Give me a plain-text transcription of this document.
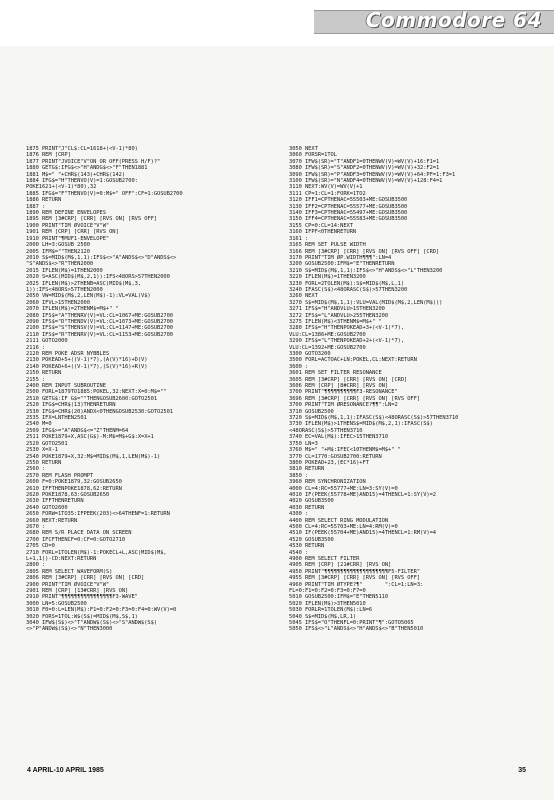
Commodore 64
1875 PRINT"J"CL$:CL=1618+(<V-1)*80)
1876 REM [CRP]
1877 PRINT"JVOICE"V"ON OR OFF(PRESS H/F)?"
1880 GETG$:IFG$<>"H"ANDG$<>"F"THEN1881
1881 M$=" "+CHR$(143)+CHR$(142)
1884 IFG$="H"THENVO(V)=1:GOSUB2700:
POKE1621+(<V-1)*80),32
1885 IFG$="F"THENVO(V)=0:M$=" OFF":CF=1:GOSUB2700
1886 RETURN
1887 :
1890 REM DEFINE ENVELOPES
1895 REM [3#CRP] [CRR] [RVS ON] [RVS OFF]
1900 PRINT"TIM ØVOICE"V"W"
1901 REM [CRP] [CRR] [RVS ON]
1910 PRINT"¶MUF1-ENVELOPE"
2000 LH=3:GOSUB 2500
2005 IFM$=""THEN2120
2010 S$=MID$(M$,1,1):IFS$<>"A"ANDS$<>"D"ANDS$<>
"S"ANDS$<>"R"THEN2000
2015 IFLEN(M$)=1THEN2000
2020 S=ASC(MID$(M$,2,1)):IFS<48ORS>57THEN2000
2025 IFLEN(M$)>2THENB=ASC(MID$(M$,3,
1)):IFS<48ORS>57THEN2000
2050 VW=MID$(M$,2,LEN(M$)-1):VL=VAL(V$)
2060 IFVL>15THEN2000
2070 IFLEN(M$)=2THENM$=M$+" "
2080 IFS$="A"THENRV(V)=VL:CL=1067+ME:GOSUB2700
2090 IFS$="D"THENDV(V)=VL:CL=1073+ME:GOSUB2700
2100 IFS$="S"THENSV(V)=VL:CL=1147+ME:GOSUB2700
2110 IFS$="R"THENRV(V)=VL:CL=1153+ME:GOSUB2700
2111 GOTO2000
2116 :
2120 REM POKE ADSR NYBBLES
2130 POKEAD+5+((V-1)*7),(A(V)*16)+D(V)
2140 POKEAD+6+((V-1)*7),(S(V)*16)+R(V)
2150 RETURN
2155 :
2400 REM INPUT SUBROUTINE
2500 FORL=1879TO1885:POKEL,32:NEXT:X=0:M$=""
2510 GETG$:IF G$=""THENGOSUB2600:GOTO2501
2520 IFG$=CHR$(13)THENRETURN
2530 IFG$=CHR$(20)ANDX<0THENGOSUB2530:GOTO2501
2535 IFX=LNTHEN2501
2540 M=0
2509 IFG$>="A"ANDG$<="Z"THENM=64
2511 POKE1879+X,ASC(G$)-M:M$=M$+G$:X=X+1
2520 GOTO2501
2530 X=X-1
2540 POKE1879+X,32:M$=MID$(M$,1,LEN(M$)-1)
2550 RETURN
2560 :
2570 REM FLASH PROMPT
2600 F=0:POKE1879,32:GOSUB2650
2610 IFFTHENPOKE1878,62:RETURN
2620 POKE1878,63:GOSUB2650
2630 IFFTHENRETURN
2640 GOTO2600
2650 FORW=1TO35:IFPEEK(203)<>64THENF=1:RETURN
2660 NEXT:RETURN
2670 :
2680 REM S/R PLACE DATA ON SCREEN
2700 IFCFTHENCF=0:CF=0:GOTO2710
2705 CD=0
2710 FORL=1TOLEN(M$)-1:POKECL+L,ASC(MID$(M$,
L+1,1))-CD:NEXT:RETURN
2800 :
2805 REM SELECT WAVEFORM(S)
2806 REM [3#CRP] [CRR] [RVS ON] [CRD]
2900 PRINT"TIM ØVOICE"V"W"
2901 REM [CRP] [13#CRR] [RVS ON]
2910 PRINT"¶¶¶¶¶¶¶¶¶¶¶¶¶¶¶¶F3-WAVE"
3000 LN=5:GOSUB2500
3010 F0=0:L=LEN(M$):F1=0:F2=0:F3=0:F4=0:WV(V)=0
3020 FORS=1TOL:W$(S$)=MID$(M$,S$,1)
3040 IFW$(S$)<>"T"ANDW$(S$)<>"S"ANDW$(S$)
<>"P"ANDW$(S$)<>"N"THEN3000
3050 NEXT
3060 FORSR=1TOL
3070 IFW$(SR)="T"ANDF1=0THENWV(V)=WV(V)+16:F1=1
3080 IFW$(SR)="S"ANDF2=0THENWV(V)=WV(V)+32:F2=1
3090 IFW$(SR)="P"ANDF3=0THENWV(V)=WV(V)+64:PF=1:F3=1
3100 IFW$(SR)="N"ANDF4=0THENWV(V)=WV(V)+128:F4=1
3110 NEXT:WV(V)=WV(V)+1
3111 CP=1:CL=1:FORK=1TO2
3120 IFF1=CPTHENAC=55503+ME:GOSUB3500
3130 IFF2=CPTHENAC=55577+ME:GOSUB3500
3140 IFF3=CPTHENAC=55497+ME:GOSUB3500
3150 IFF4=CPTHENAC=55583+ME:GOSUB3500
3155 CP=0:CL=14:NEXT
3160 IFPF<0THENRETURN
3161 :
3165 REM SET PULSE WIDTH
3166 REM [3#CRP] [CRR] [RVS ON] [RVS OFF] [CRD]
3170 PRINT"TIM ØP.WIDTH¶¶¶":LN=4
3200 GOSUB2500:IFM$="E"THENRETURN
3210 S$=MID$(M$,1,1):IFS$<>"H"ANDS$<>"L"THEN3200
3220 IFLEN(M$)=1THEN3200
3230 FORL=2TOLEN(M$):S$=MID$(M$,L,1)
3240 IFASC(S$)<48ORASC(S$)>57THEN3200
3260 NEXT
3270 S$=MID$(M$,1,1):VLU=VAL(MID$(M$,2,LEN(M$)))
3271 IFS$="H"ANDVLU>15THEN3200
3272 IFS$="L"ANDVLU>255THEN3200
3275 IFLEN(M$)<3THENM$=M$+" "
3280 IFS$="H"THENPOKEAD+3+(<V-1)*7),
VLU:CL=1386+ME:GOSUB2700
3290 IFS$="L"THENPOKEAD+2+(<V-1)*7),
VLU:CL=1392+ME:GOSUB2700
3300 GOTO3200
3500 FORL=ACTOAC+LN:POKEL,CL:NEXT:RETURN
3600 :
3601 REM SET FILTER RESONANCE
3605 REM [3#CRP] [CRR] [RVS ON] [CRD]
3606 REM [CRP] [8#CRR] [RVS ON]
3700 PRINT"¶¶¶¶¶¶¶¶¶¶F3-RESONANCE"
3696 REM [3#CRP] [CRR] [RVS ON] [RVS OFF]
3700 PRINT"TIM ØRESONANCE?¶¶":LN=2
3710 GOSUB2500
3720 S$=MID$(M$,1,1):IFASC(S$)<48ORASC(S$)>57THEN3710
3730 IFLEN(M$)>1THENS$=MID$(M$,2,1):IFASC(S$)
<48ORASC(S$)>57THEN3710
3740 EC=VAL(M$):IFEC>15THEN3710
3750 LN=3
3760 M$=" "+M$:IFEC<10THENM$=M$+" "
3770 CL=1770:GOSUB2700:RETURN
3800 POKEAD+23,(EC*16)+FT
3810 RETURN
3850 :
3960 REM SYNCHRONIZATION
4000 CL=4:RC=55777+ME:LN=3:SY(V)=0
4010 IF(PEEK(55778+ME)AND15)=4THENCL=1:SY(V)=2
4020 GOSUB3500
4030 RETURN
4300 :
4400 REM SELECT RING MODULATION
4500 CL=4:RC=55703+ME:LN=4:RM(V)=0
4510 IF(PEEK(55704+ME)AND15)=4THENCL=1:RM(V)=4
4520 GOSUB3500
4530 RETURN
4540 :
4900 REM SELECT FILTER
4905 REM [CRP] [21#CRR] [RVS ON]
4950 PRINT"¶¶¶¶¶¶¶¶¶¶¶¶¶¶¶¶¶¶¶¶F5-FILTER"
4955 REM [3#CRP] [CRR] [RVS ON] [RVS OFF]
4960 PRINT"TIM ØTYPE?¶"       ":CL=1:LN=3:
FL=0:F1=0:F2=0:F3=0:F7=0
5010 GOSUB2500:IFM$="E"THEN5110
5020 IFLEN(M$)>3THEN5010
5030 FORLR=1TOLEN(M$):LN=6
5040 S$=MID$(M$,LR,1)
5045 IFS$="O"THENFL=0:PRINT"¶":GOTO5065
5050 IFS$<>"L"ANDS$<>"H"ANDS$<>"B"THEN5010
4 APRIL-10 APRIL 1985	35
